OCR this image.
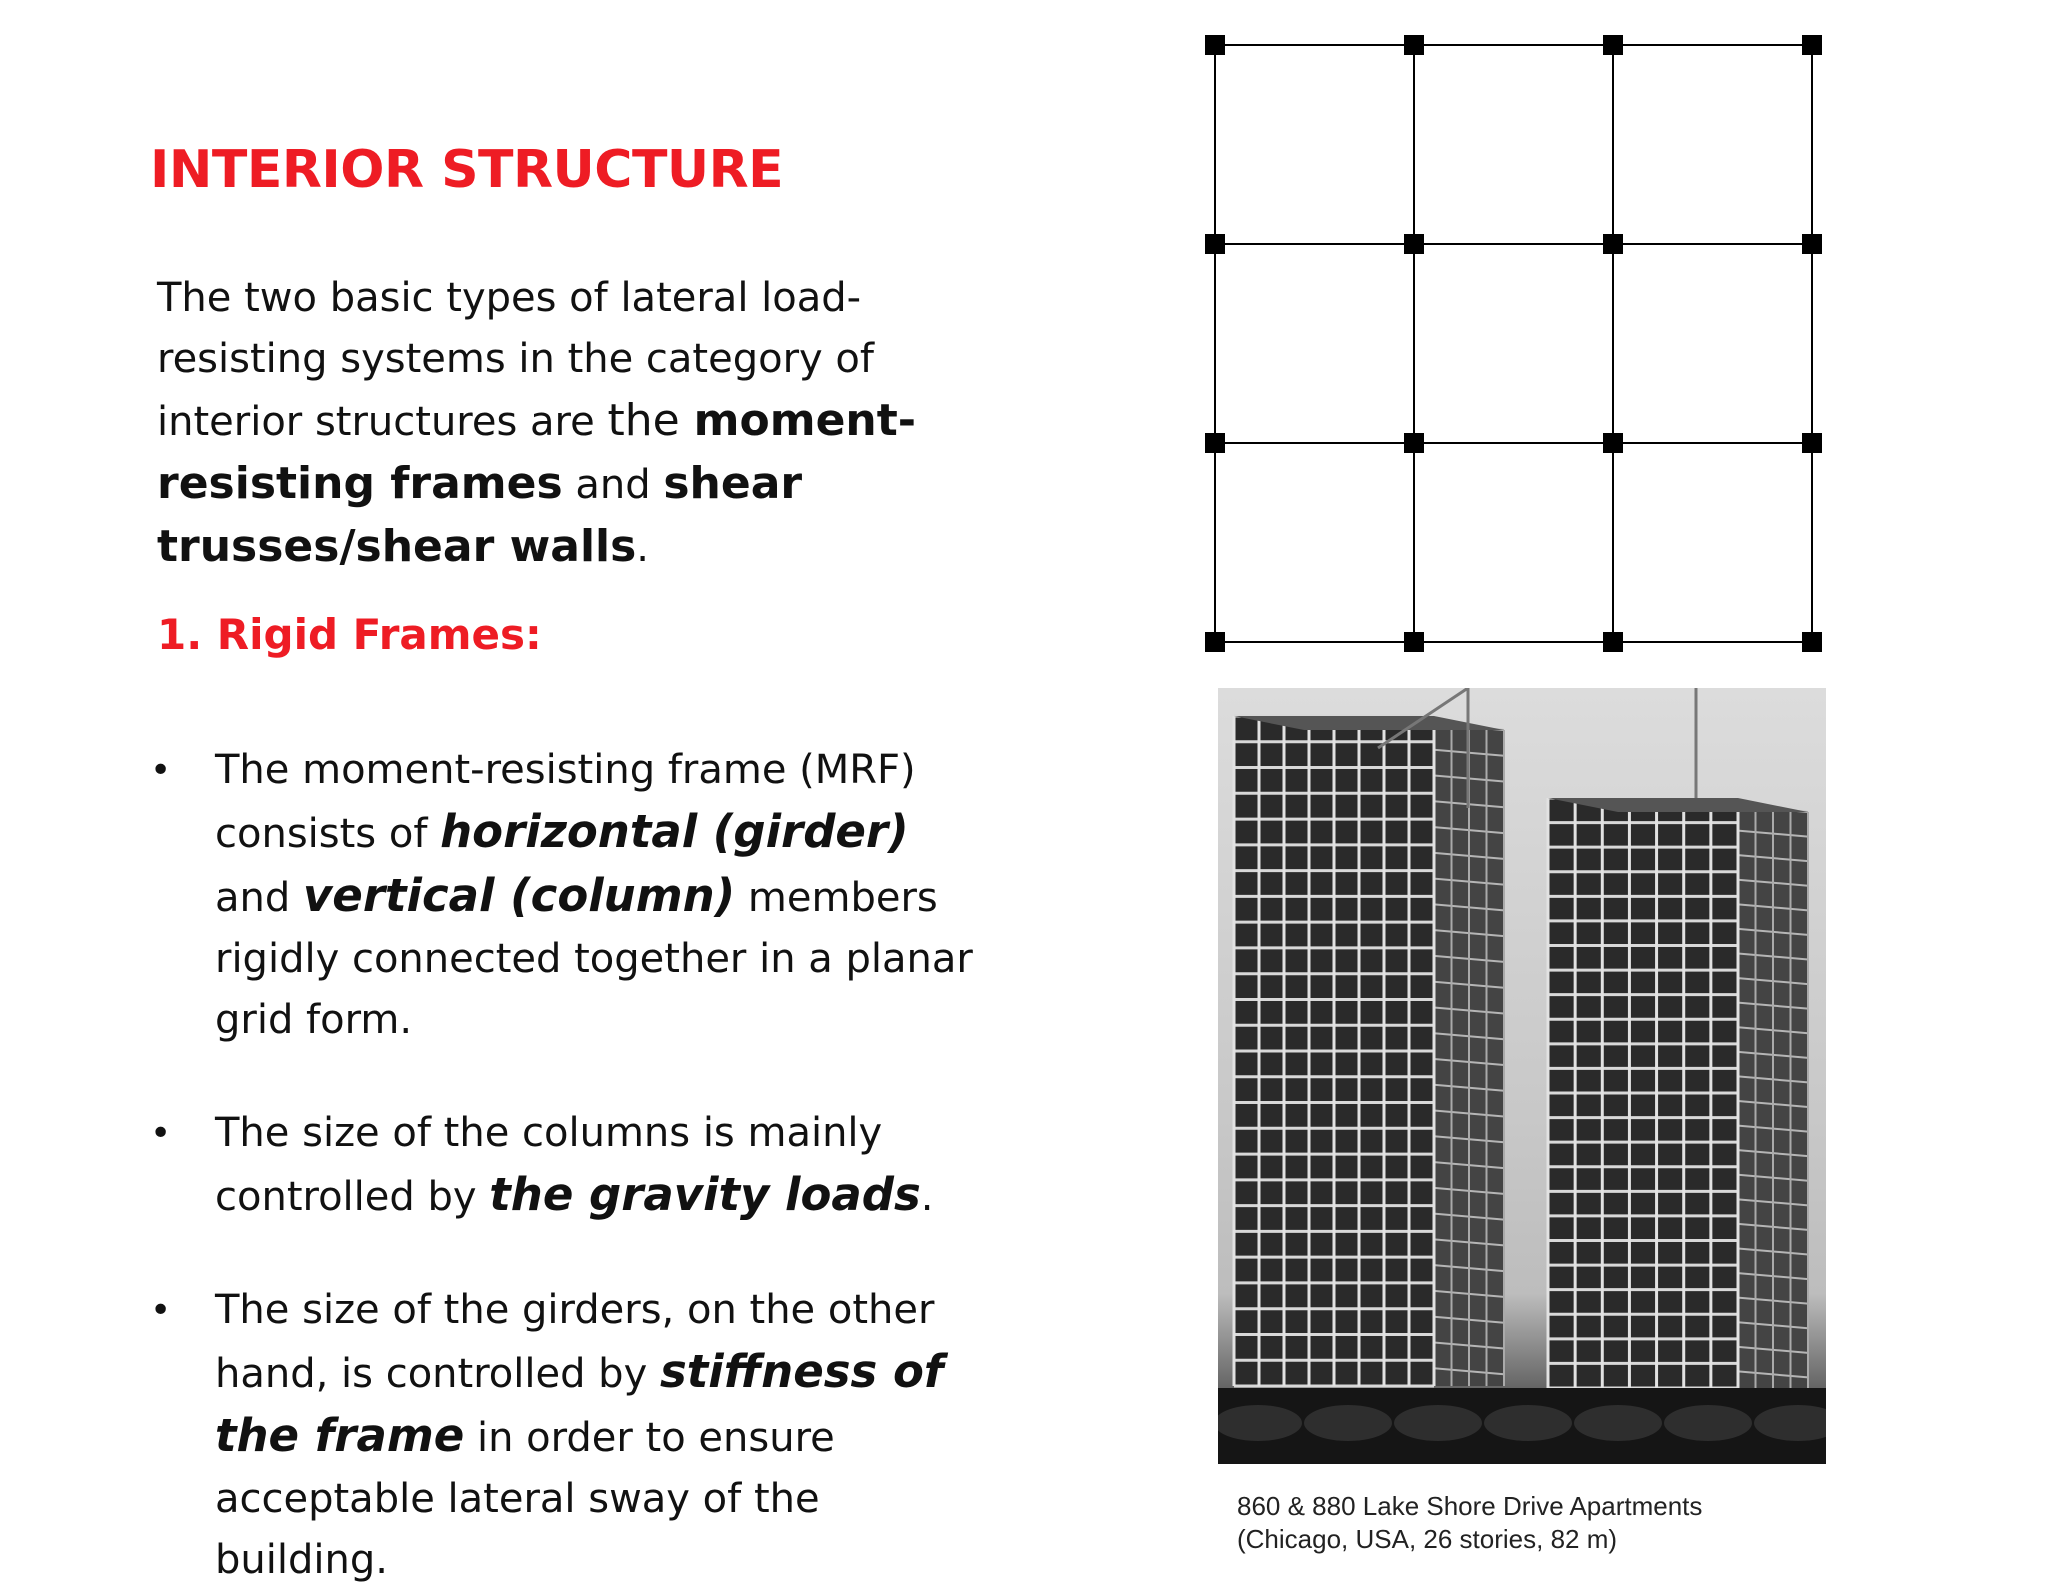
INTERIOR STRUCTURE

The two basic types of lateral load-resisting systems in the category of interior structures are the moment-resisting frames and shear trusses/shear walls.

1. Rigid Frames:
• The moment-resisting frame (MRF) consists of horizontal (girder) and vertical (column) members rigidly connected together in a planar grid form.
• The size of the columns is mainly controlled by the gravity loads.
• The size of the girders, on the other hand, is controlled by stiffness of the frame in order to ensure acceptable lateral sway of the building.
860 & 880 Lake Shore Drive Apartments
(Chicago, USA, 26 stories, 82 m)
